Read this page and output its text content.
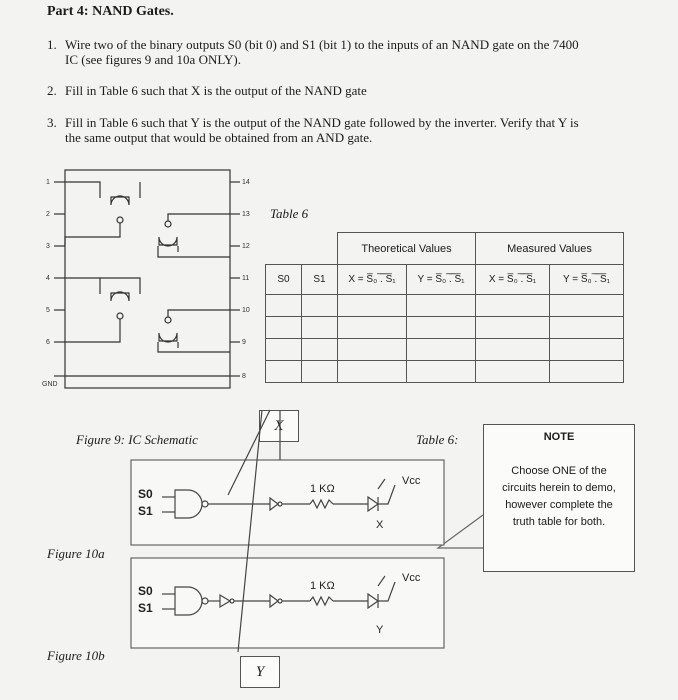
Part 4: NAND Gates.
1. Wire two of the binary outputs S0 (bit 0) and S1 (bit 1) to the inputs of an NAND gate on the 7400
IC (see figures 9 and 10a ONLY).
2. Fill in Table 6 such that X is the output of the NAND gate
3. Fill in Table 6 such that Y is the output of the NAND gate followed by the inverter. Verify that Y is
the same output that would be obtained from an AND gate.
1
2
3
4
5
6
GND
14
13
12
11
10
9
8
Table 6
		Theoretical Values		Measured Values	
S0	S1	X = S̅₀ ̅.̅ ̅S̅₁	Y = S̅₀ ̅.̅ ̅S̅₁	X = S̅₀ ̅.̅ ̅S̅₁	Y = S̅₀ ̅.̅ ̅S̅₁

X
Y
Figure 9: IC Schematic	Table 6:
Figure 10a
Figure 10b
S0
S1
1 KΩ
Vcc
X
S0
S1
1 KΩ
Vcc
Y
NOTE
Choose ONE of the circuits herein to demo, however complete the truth table for both.
